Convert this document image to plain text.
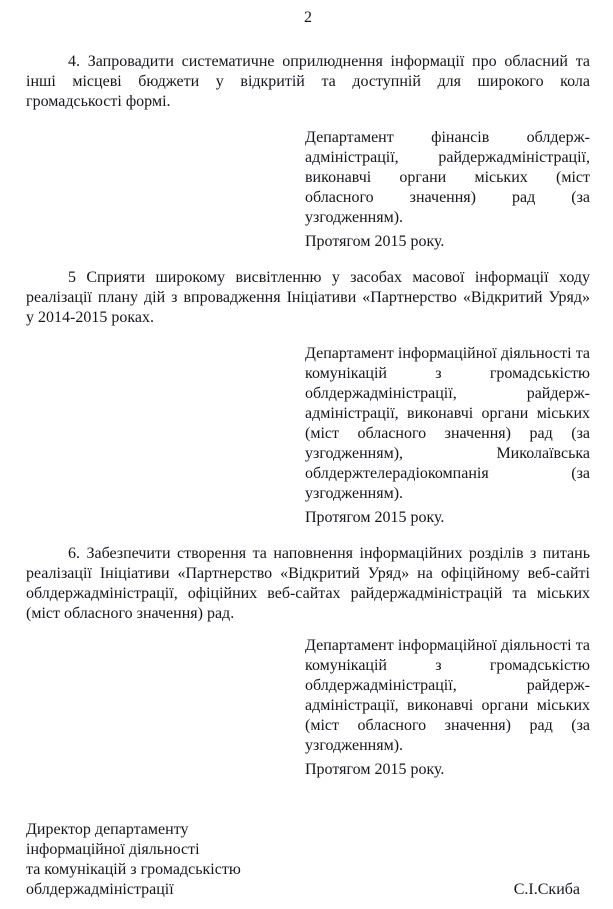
2
4. Запровадити систематичне оприлюднення інформації про обласний та
інші місцеві бюджети у відкритій та доступній для широкого кола
громадськості формі.
Департамент фінансів облдерж-
адміністрації, райдержадміністрації,
виконавчі органи міських (міст
обласного значення) рад (за
узгодженням).
Протягом 2015 року.
5 Сприяти широкому висвітленню у засобах масової інформації ходу
реалізації плану дій з впровадження Ініціативи «Партнерство «Відкритий Уряд»
у 2014-2015 роках.
Департамент інформаційної діяльності та
комунікацій з громадськістю
облдержадміністрації, райдерж-
адміністрації, виконавчі органи міських
(міст обласного значення) рад (за
узгодженням), Миколаївська
облдержтелерадіокомпанія (за
узгодженням).
Протягом 2015 року.
6. Забезпечити створення та наповнення інформаційних розділів з питань
реалізації Ініціативи «Партнерство «Відкритий Уряд» на офіційному веб-сайті
облдержадміністрації, офіційних веб-сайтах райдержадміністрацій та міських
(міст обласного значення) рад.
Департамент інформаційної діяльності та
комунікацій з громадськістю
облдержадміністрації, райдерж-
адміністрації, виконавчі органи міських
(міст обласного значення) рад (за
узгодженням).
Протягом 2015 року.
Директор департаменту
інформаційної діяльності
та комунікацій з громадськістю
облдержадміністрації	С.І.Скиба
